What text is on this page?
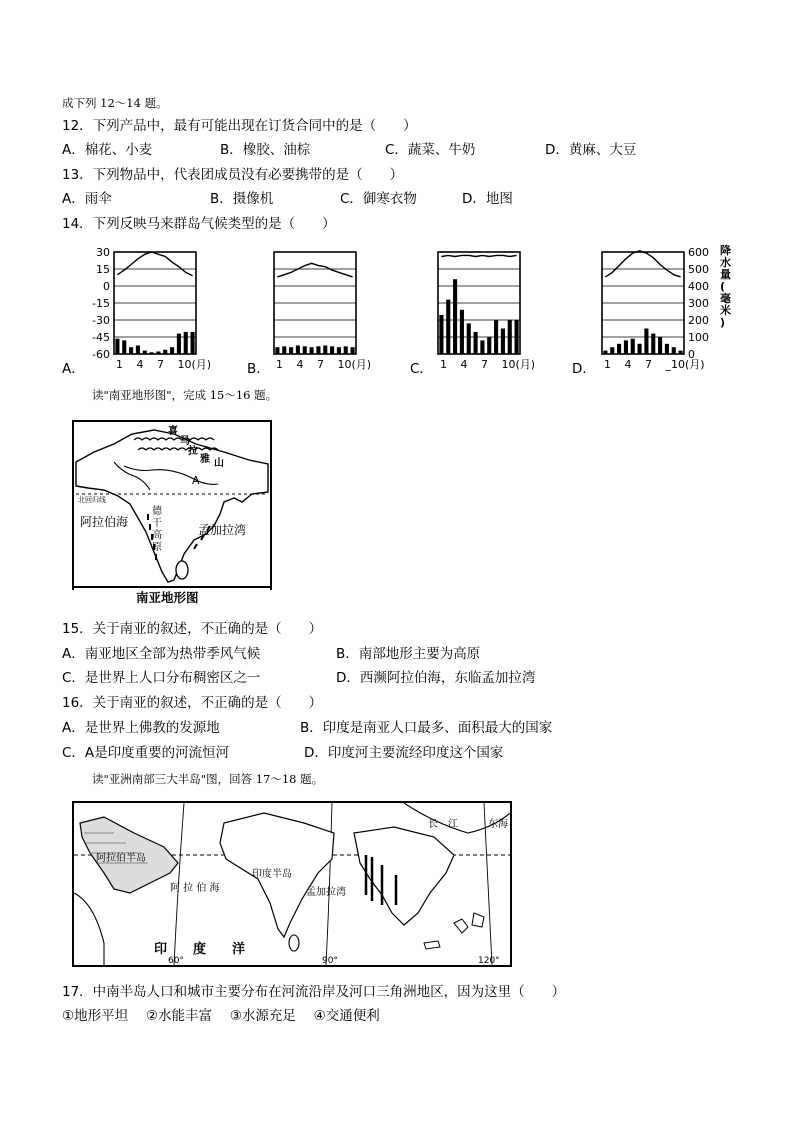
成下列 12～14 题。
12．下列产品中，最有可能出现在订货合同中的是（　　）
A．棉花、小麦	B．橡胶、油棕	C．蔬菜、牛奶	D．黄麻、大豆
13．下列物品中，代表团成员没有必要携带的是（　　）
A．雨伞	B．摄像机	C．御寒衣物	D．地图
14．下列反映马来群岛气候类型的是（　　）
1 4 7 10(月)
30
15
0
-15
-30
-45
-60
1 4 7 10(月)	1 4 7 10(月)	1 4 7 _10(月)
600
500
400
300
200
100
0
降
水
量
(
毫
米
)
A．	B．	C．	D．
读"南亚地形图"，完成 15～16 题。
喜
马
拉
雅 山
A
北回归线
阿拉伯海
德
干
高
原
孟加拉湾
南亚地形图
15．关于南亚的叙述，不正确的是（　　）
A．南亚地区全部为热带季风气候	B．南部地形主要为高原
C．是世界上人口分布稠密区之一	D．西濒阿拉伯海，东临孟加拉湾
16．关于南亚的叙述，不正确的是（　　）
A．是世界上佛教的发源地	B．印度是南亚人口最多、面积最大的国家
C．A是印度重要的河流恒河	D．印度河主要流经印度这个国家
读"亚洲南部三大半岛"图，回答 17～18 题。
阿拉伯半岛
阿 拉 伯 海
印度半岛
孟加拉湾
印　　度　　洋
长　江	东海
60°	90°	120°
17．中南半岛人口和城市主要分布在河流沿岸及河口三角洲地区，因为这里（　　）
①地形平坦　 ②水能丰富　 ③水源充足　 ④交通便利
